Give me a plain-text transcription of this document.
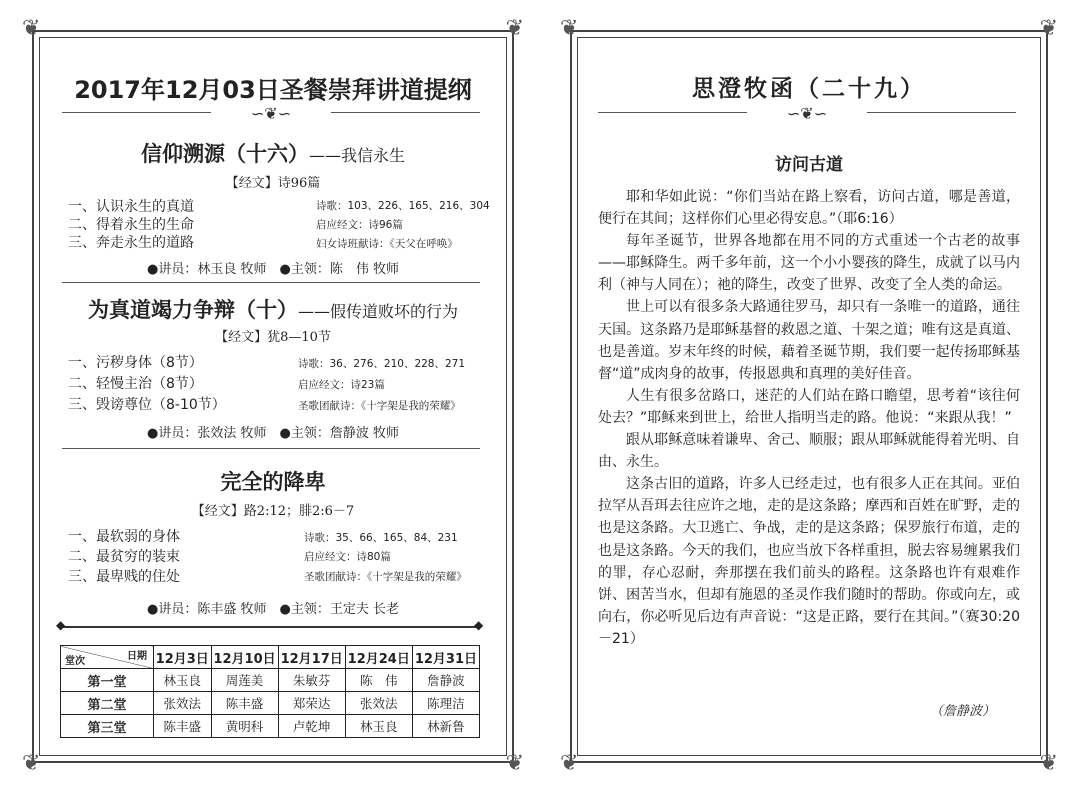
❦	❦
❦	❦
❦	❦
❦	❦
2017年12月03日圣餐崇拜讲道提纲
∽❦∽
信仰溯源（十六）——我信永生
【经文】诗96篇
一、认识永生的真道
二、得着永生的生命
三、奔走永生的道路
诗歌：103、226、165、216、304
启应经文：诗96篇
妇女诗班献诗：《天父在呼唤》
●讲员：林玉良 牧师　●主领：陈　伟 牧师
为真道竭力争辩（十）——假传道败坏的行为
【经文】犹8—10节
一、污秽身体（8节）
二、轻慢主治（8节）
三、毁谤尊位（8-10节）
诗歌：36、276、210、228、271
启应经文：诗23篇
圣歌团献诗：《十字架是我的荣耀》
●讲员：张效法 牧师　●主领：詹静波 牧师
完全的降卑
【经文】路2:12；腓2:6－7
一、最软弱的身体
二、最贫穷的装束
三、最卑贱的住处
诗歌：35、66、165、84、231
启应经文：诗80篇
圣歌团献诗：《十字架是我的荣耀》
●讲员：陈丰盛 牧师　●主领：王定夫 长老
◆	◆
日期
堂次	12月3日	12月10日	12月17日	12月24日	12月31日
第一堂	林玉良	周莲美	朱敏芬	陈　伟	詹静波
第二堂	张效法	陈丰盛	郑荣达	张效法	陈理洁
第三堂	陈丰盛	黄明科	卢乾坤	林玉良	林新鲁
思澄牧函（二十九）
∽❦∽
访问古道

耶和华如此说：“你们当站在路上察看，访问古道，哪是善道，便行在其间；这样你们心里必得安息。”（耶6:16）

每年圣诞节，世界各地都在用不同的方式重述一个古老的故事——耶稣降生。两千多年前，这一个小小婴孩的降生，成就了以马内利（神与人同在）；祂的降生，改变了世界、改变了全人类的命运。

世上可以有很多条大路通往罗马，却只有一条唯一的道路，通往天国。这条路乃是耶稣基督的救恩之道、十架之道；唯有这是真道、也是善道。岁末年终的时候，藉着圣诞节期，我们要一起传扬耶稣基督“道”成肉身的故事，传报恩典和真理的美好佳音。

人生有很多岔路口，迷茫的人们站在路口瞻望，思考着“该往何处去？”耶稣来到世上，给世人指明当走的路。他说：“来跟从我！”

跟从耶稣意味着谦卑、舍己、顺服；跟从耶稣就能得着光明、自由、永生。

这条古旧的道路，许多人已经走过，也有很多人正在其间。亚伯拉罕从吾珥去往应许之地，走的是这条路；摩西和百姓在旷野，走的也是这条路。大卫逃亡、争战，走的是这条路；保罗旅行布道，走的也是这条路。今天的我们，也应当放下各样重担，脱去容易缠累我们的罪，存心忍耐，奔那摆在我们前头的路程。这条路也许有艰难作饼、困苦当水，但却有施恩的圣灵作我们随时的帮助。你或向左，或向右，你必听见后边有声音说：“这是正路，要行在其间。”（赛30:20－21）

（詹静波）
